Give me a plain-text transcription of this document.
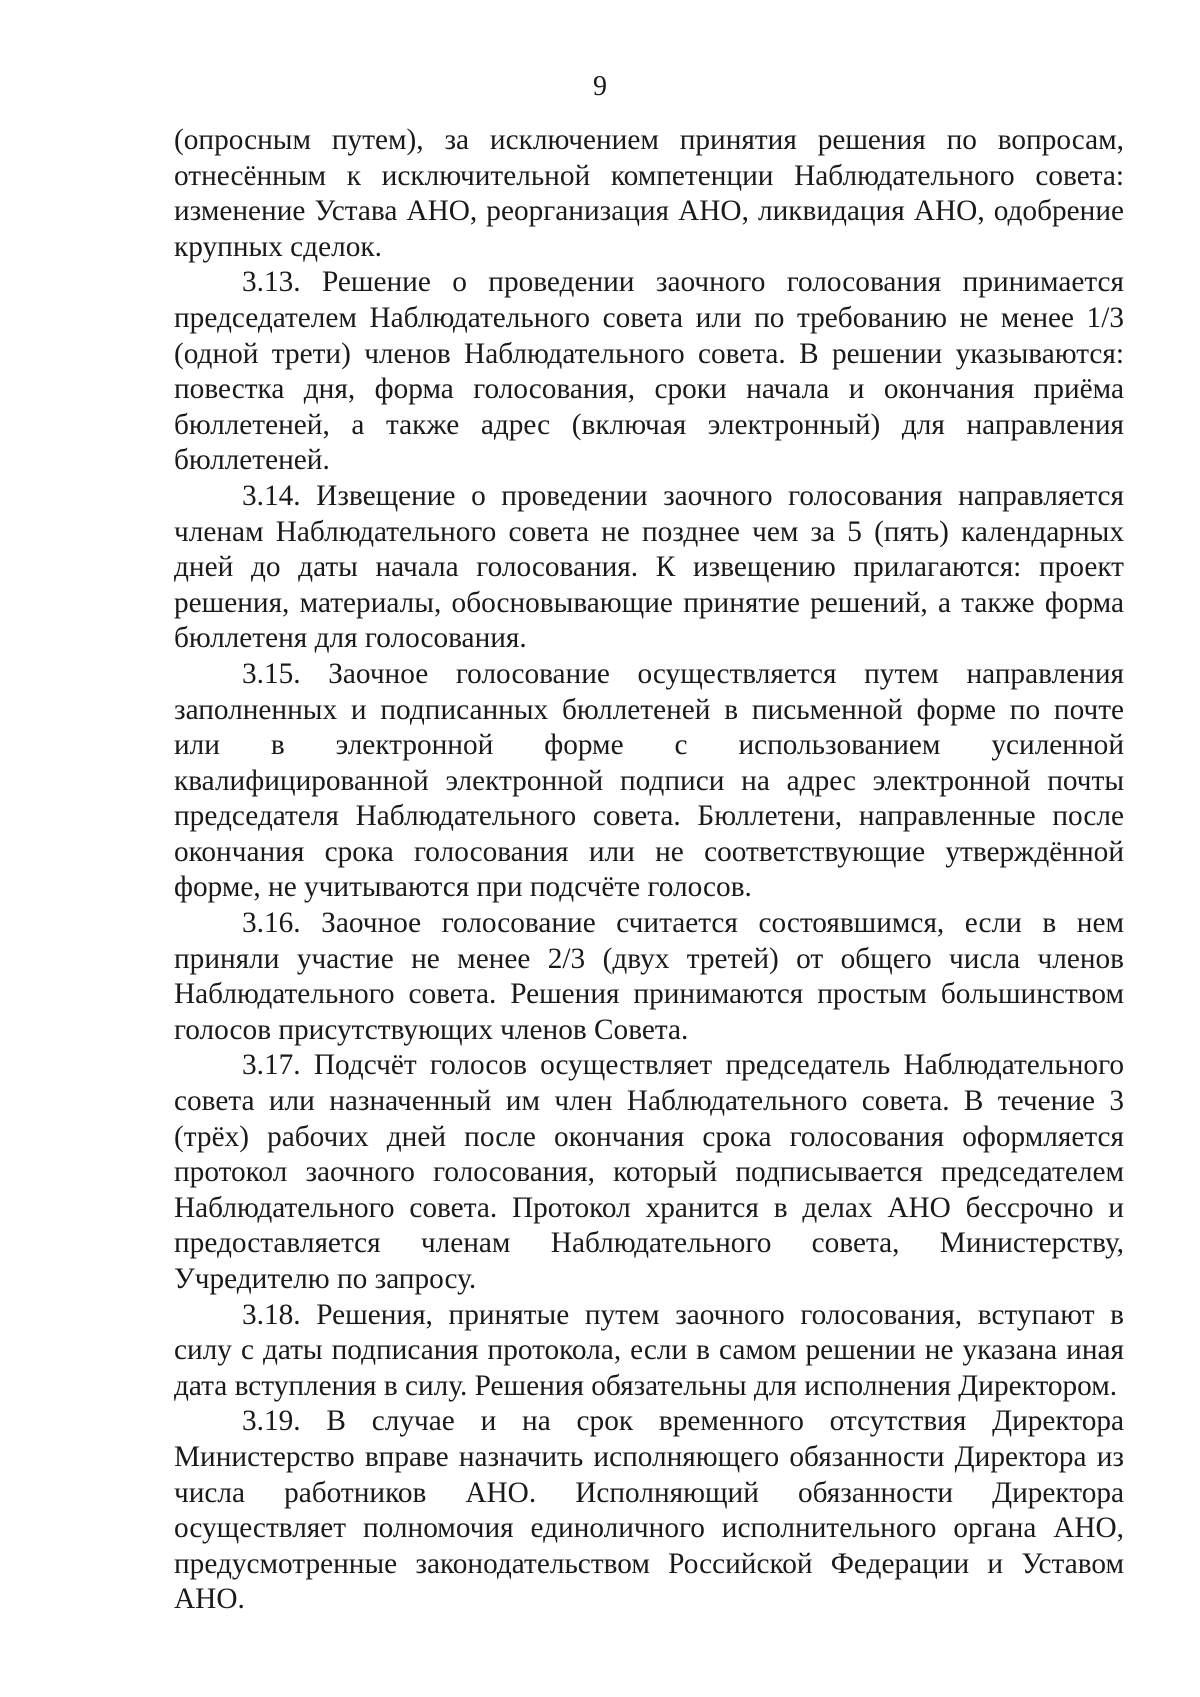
9

(опросным путем), за исключением принятия решения по вопросам, отнесённым к исключительной компетенции Наблюдательного совета: изменение Устава АНО, реорганизация АНО, ликвидация АНО, одобрение крупных сделок.

3.13. Решение о проведении заочного голосования принимается председателем Наблюдательного совета или по требованию не менее 1/3 (одной трети) членов Наблюдательного совета. В решении указываются: повестка дня, форма голосования, сроки начала и окончания приёма бюллетеней, а также адрес (включая электронный) для направления бюллетеней.

3.14. Извещение о проведении заочного голосования направляется членам Наблюдательного совета не позднее чем за 5 (пять) календарных дней до даты начала голосования. К извещению прилагаются: проект решения, материалы, обосновывающие принятие решений, а также форма бюллетеня для голосования.

3.15. Заочное голосование осуществляется путем направления заполненных и подписанных бюллетеней в письменной форме по почте или в электронной форме с использованием усиленной квалифицированной электронной подписи на адрес электронной почты председателя Наблюдательного совета. Бюллетени, направленные после окончания срока голосования или не соответствующие утверждённой форме, не учитываются при подсчёте голосов.

3.16. Заочное голосование считается состоявшимся, если в нем приняли участие не менее 2/3 (двух третей) от общего числа членов Наблюдательного совета. Решения принимаются простым большинством голосов присутствующих членов Совета.

3.17. Подсчёт голосов осуществляет председатель Наблюдательного совета или назначенный им член Наблюдательного совета. В течение 3 (трёх) рабочих дней после окончания срока голосования оформляется протокол заочного голосования, который подписывается председателем Наблюдательного совета. Протокол хранится в делах АНО бессрочно и предоставляется членам Наблюдательного совета, Министерству, Учредителю по запросу.

3.18. Решения, принятые путем заочного голосования, вступают в силу с даты подписания протокола, если в самом решении не указана иная дата вступления в силу. Решения обязательны для исполнения Директором.

3.19. В случае и на срок временного отсутствия Директора Министерство вправе назначить исполняющего обязанности Директора из числа работников АНО. Исполняющий обязанности Директора осуществляет полномочия единоличного исполнительного органа АНО, предусмотренные законодательством Российской Федерации и Уставом АНО.
